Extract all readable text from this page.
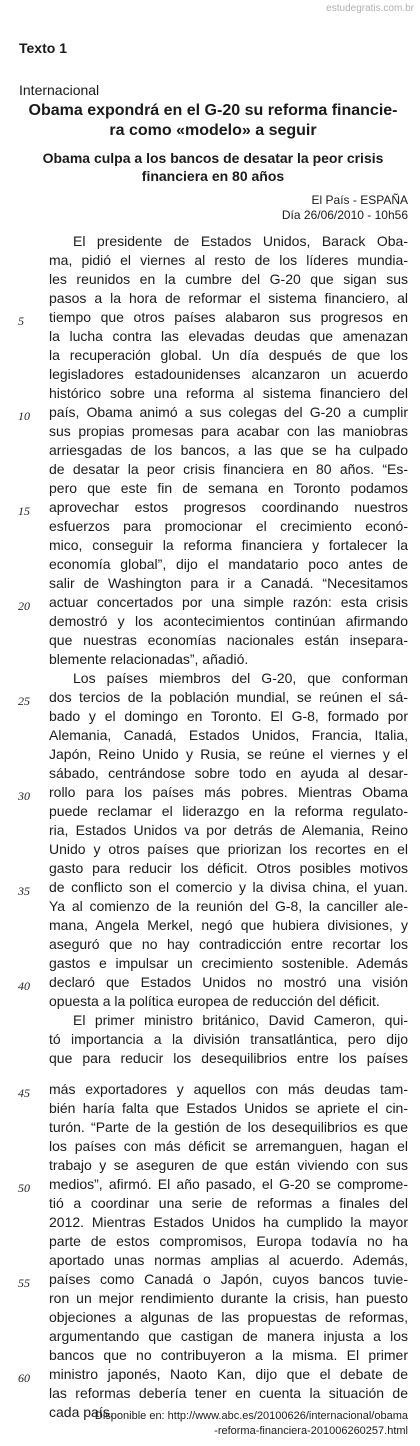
estudegratis.com.br
Texto 1
Internacional
Obama expondrá en el G-20 su reforma financie-
ra como «modelo» a seguir
Obama culpa a los bancos de desatar la peor crisis
financiera en 80 años
El País - ESPAÑA
Día 26/06/2010 - 10h56
El presidente de Estados Unidos, Barack Oba-
ma, pidió el viernes al resto de los líderes mundia-
les reunidos en la cumbre del G-20 que sigan sus
pasos a la hora de reformar el sistema financiero, al
5	tiempo que otros países alabaron sus progresos en
la lucha contra las elevadas deudas que amenazan
la recuperación global. Un día después de que los
legisladores estadounidenses alcanzaron un acuerdo
histórico sobre una reforma al sistema financiero del
10	país, Obama animó a sus colegas del G-20 a cumplir
sus propias promesas para acabar con las maniobras
arriesgadas de los bancos, a las que se ha culpado
de desatar la peor crisis financiera en 80 años. “Es-
pero que este fin de semana en Toronto podamos
15	aprovechar estos progresos coordinando nuestros
esfuerzos para promocionar el crecimiento econó-
mico, conseguir la reforma financiera y fortalecer la
economía global”, dijo el mandatario poco antes de
salir de Washington para ir a Canadá. “Necesitamos
20	actuar concertados por una simple razón: esta crisis
demostró y los acontecimientos continúan afirmando
que nuestras economías nacionales están insepara-
blemente relacionadas”, añadió.
Los países miembros del G-20, que conforman
25	dos tercios de la población mundial, se reúnen el sá-
bado y el domingo en Toronto. El G-8, formado por
Alemania, Canadá, Estados Unidos, Francia, Italia,
Japón, Reino Unido y Rusia, se reúne el viernes y el
sábado, centrándose sobre todo en ayuda al desar-
30	rollo para los países más pobres. Mientras Obama
puede reclamar el liderazgo en la reforma regulato-
ria, Estados Unidos va por detrás de Alemania, Reino
Unido y otros países que priorizan los recortes en el
gasto para reducir los déficit. Otros posibles motivos
35	de conflicto son el comercio y la divisa china, el yuan.
Ya al comienzo de la reunión del G-8, la canciller ale-
mana, Angela Merkel, negó que hubiera divisiones, y
aseguró que no hay contradicción entre recortar los
gastos e impulsar un crecimiento sostenible. Además
40	declaró que Estados Unidos no mostró una visión
opuesta a la política europea de reducción del déficit.
El primer ministro británico, David Cameron, qui-
tó importancia a la división transatlántica, pero dijo
que para reducir los desequilibrios entre los países
45	más exportadores y aquellos con más deudas tam-
bién haría falta que Estados Unidos se apriete el cin-
turón. “Parte de la gestión de los desequilibrios es que
los países con más déficit se arremanguen, hagan el
trabajo y se aseguren de que están viviendo con sus
50	medios”, afirmó. El año pasado, el G-20 se comprome-
tió a coordinar una serie de reformas a finales del
2012. Mientras Estados Unidos ha cumplido la mayor
parte de estos compromisos, Europa todavía no ha
aportado unas normas amplias al acuerdo. Además,
55	países como Canadá o Japón, cuyos bancos tuvie-
ron un mejor rendimiento durante la crisis, han puesto
objeciones a algunas de las propuestas de reformas,
argumentando que castigan de manera injusta a los
bancos que no contribuyeron a la misma. El primer
60	ministro japonés, Naoto Kan, dijo que el debate de
las reformas debería tener en cuenta la situación de
cada país.
Disponible en: http://www.abc.es/20100626/internacional/obama
-reforma-financiera-201006260257.html
